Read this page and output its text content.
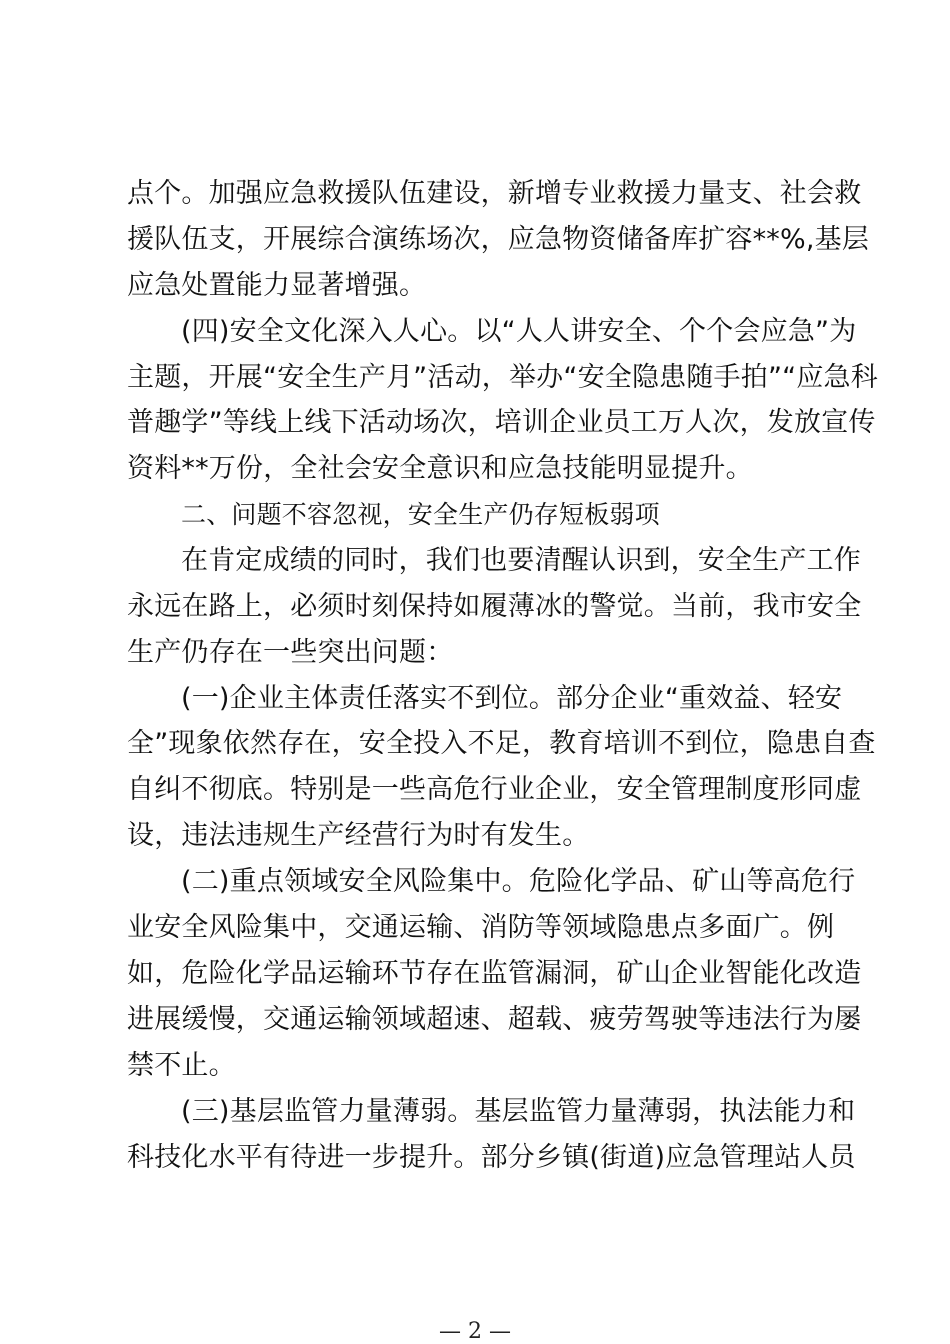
点个。加强应急救援队伍建设，新增专业救援力量支、社会救
援队伍支，开展综合演练场次，应急物资储备库扩容**%,基层
应急处置能力显著增强。
(四)安全文化深入人心。以“人人讲安全、个个会应急”为
主题，开展“安全生产月”活动，举办“安全隐患随手拍”“应急科
普趣学”等线上线下活动场次，培训企业员工万人次，发放宣传
资料**万份，全社会安全意识和应急技能明显提升。
二、问题不容忽视，安全生产仍存短板弱项
在肯定成绩的同时，我们也要清醒认识到，安全生产工作
永远在路上，必须时刻保持如履薄冰的警觉。当前，我市安全
生产仍存在一些突出问题：
(一)企业主体责任落实不到位。部分企业“重效益、轻安
全”现象依然存在，安全投入不足，教育培训不到位，隐患自查
自纠不彻底。特别是一些高危行业企业，安全管理制度形同虚
设，违法违规生产经营行为时有发生。
(二)重点领域安全风险集中。危险化学品、矿山等高危行
业安全风险集中，交通运输、消防等领域隐患点多面广。例
如，危险化学品运输环节存在监管漏洞，矿山企业智能化改造
进展缓慢，交通运输领域超速、超载、疲劳驾驶等违法行为屡
禁不止。
(三)基层监管力量薄弱。基层监管力量薄弱，执法能力和
科技化水平有待进一步提升。部分乡镇(街道)应急管理站人员
— 2 —
